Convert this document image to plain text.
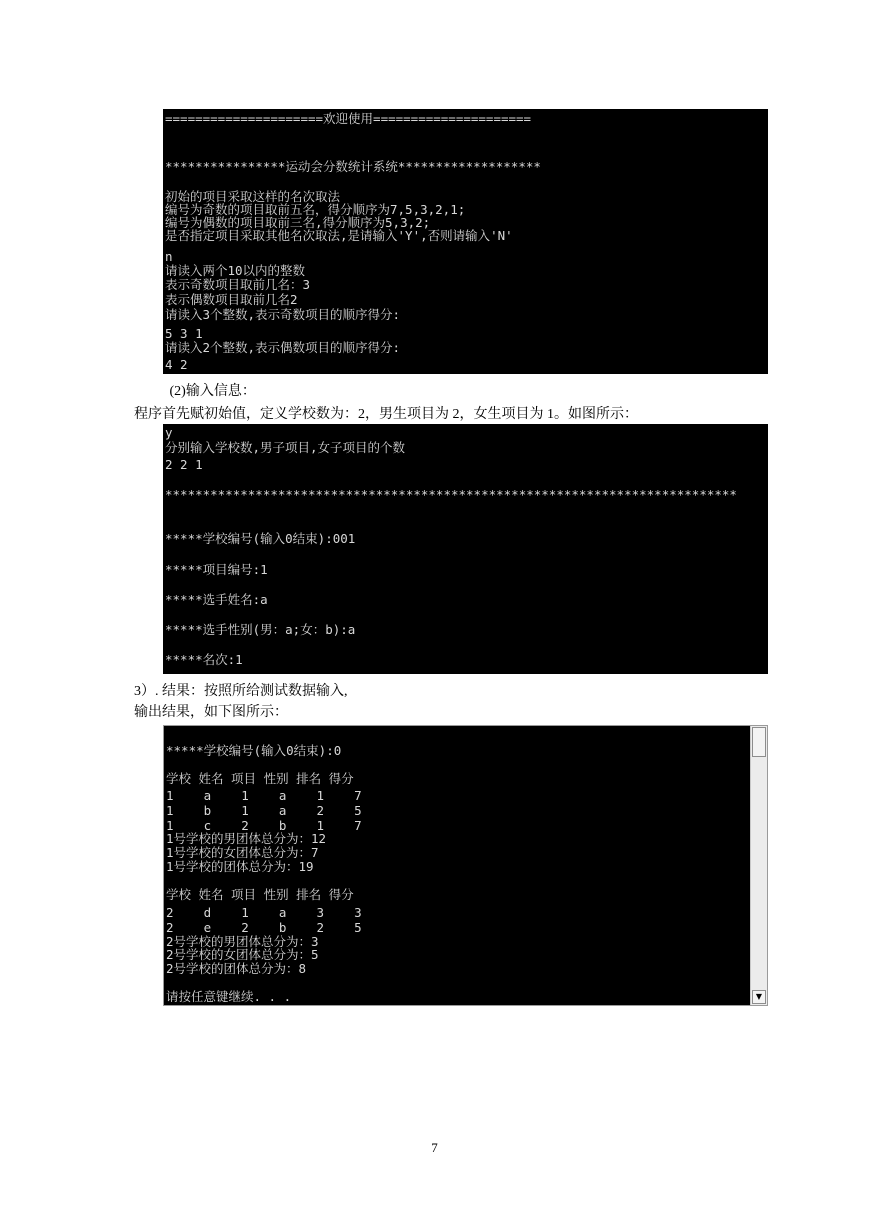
=====================欢迎使用=====================
****************运动会分数统计系统*******************
初始的项目采取这样的名次取法
编号为奇数的项目取前五名，得分顺序为7,5,3,2,1;
编号为偶数的项目取前三名,得分顺序为5,3,2;
是否指定项目采取其他名次取法,是请输入'Y',否则请输入'N'
n
请读入两个10以内的整数
表示奇数项目取前几名：3
表示偶数项目取前几名2
请读入3个整数,表示奇数项目的顺序得分:
5 3 1
请读入2个整数,表示偶数项目的顺序得分:
4 2
(2)输入信息：
程序首先赋初始值，定义学校数为：2，男生项目为 2，女生项目为 1。如图所示：
y
分别输入学校数,男子项目,女子项目的个数
2 2 1
****************************************************************************
*****学校编号(输入0结束):001
*****项目编号:1
*****选手姓名:a
*****选手性别(男：a;女：b):a
*****名次:1
3）. 结果：按照所给测试数据输入,
输出结果，如下图所示：
*****学校编号(输入0结束):0
学校 姓名 项目 性别 排名 得分
1    a    1    a    1    7
1    b    1    a    2    5
1    c    2    b    1    7
1号学校的男团体总分为：12
1号学校的女团体总分为：7
1号学校的团体总分为：19
学校 姓名 项目 性别 排名 得分
2    d    1    a    3    3
2    e    2    b    2    5
2号学校的男团体总分为：3
2号学校的女团体总分为：5
2号学校的团体总分为：8
请按任意键继续. . .	▼
7
